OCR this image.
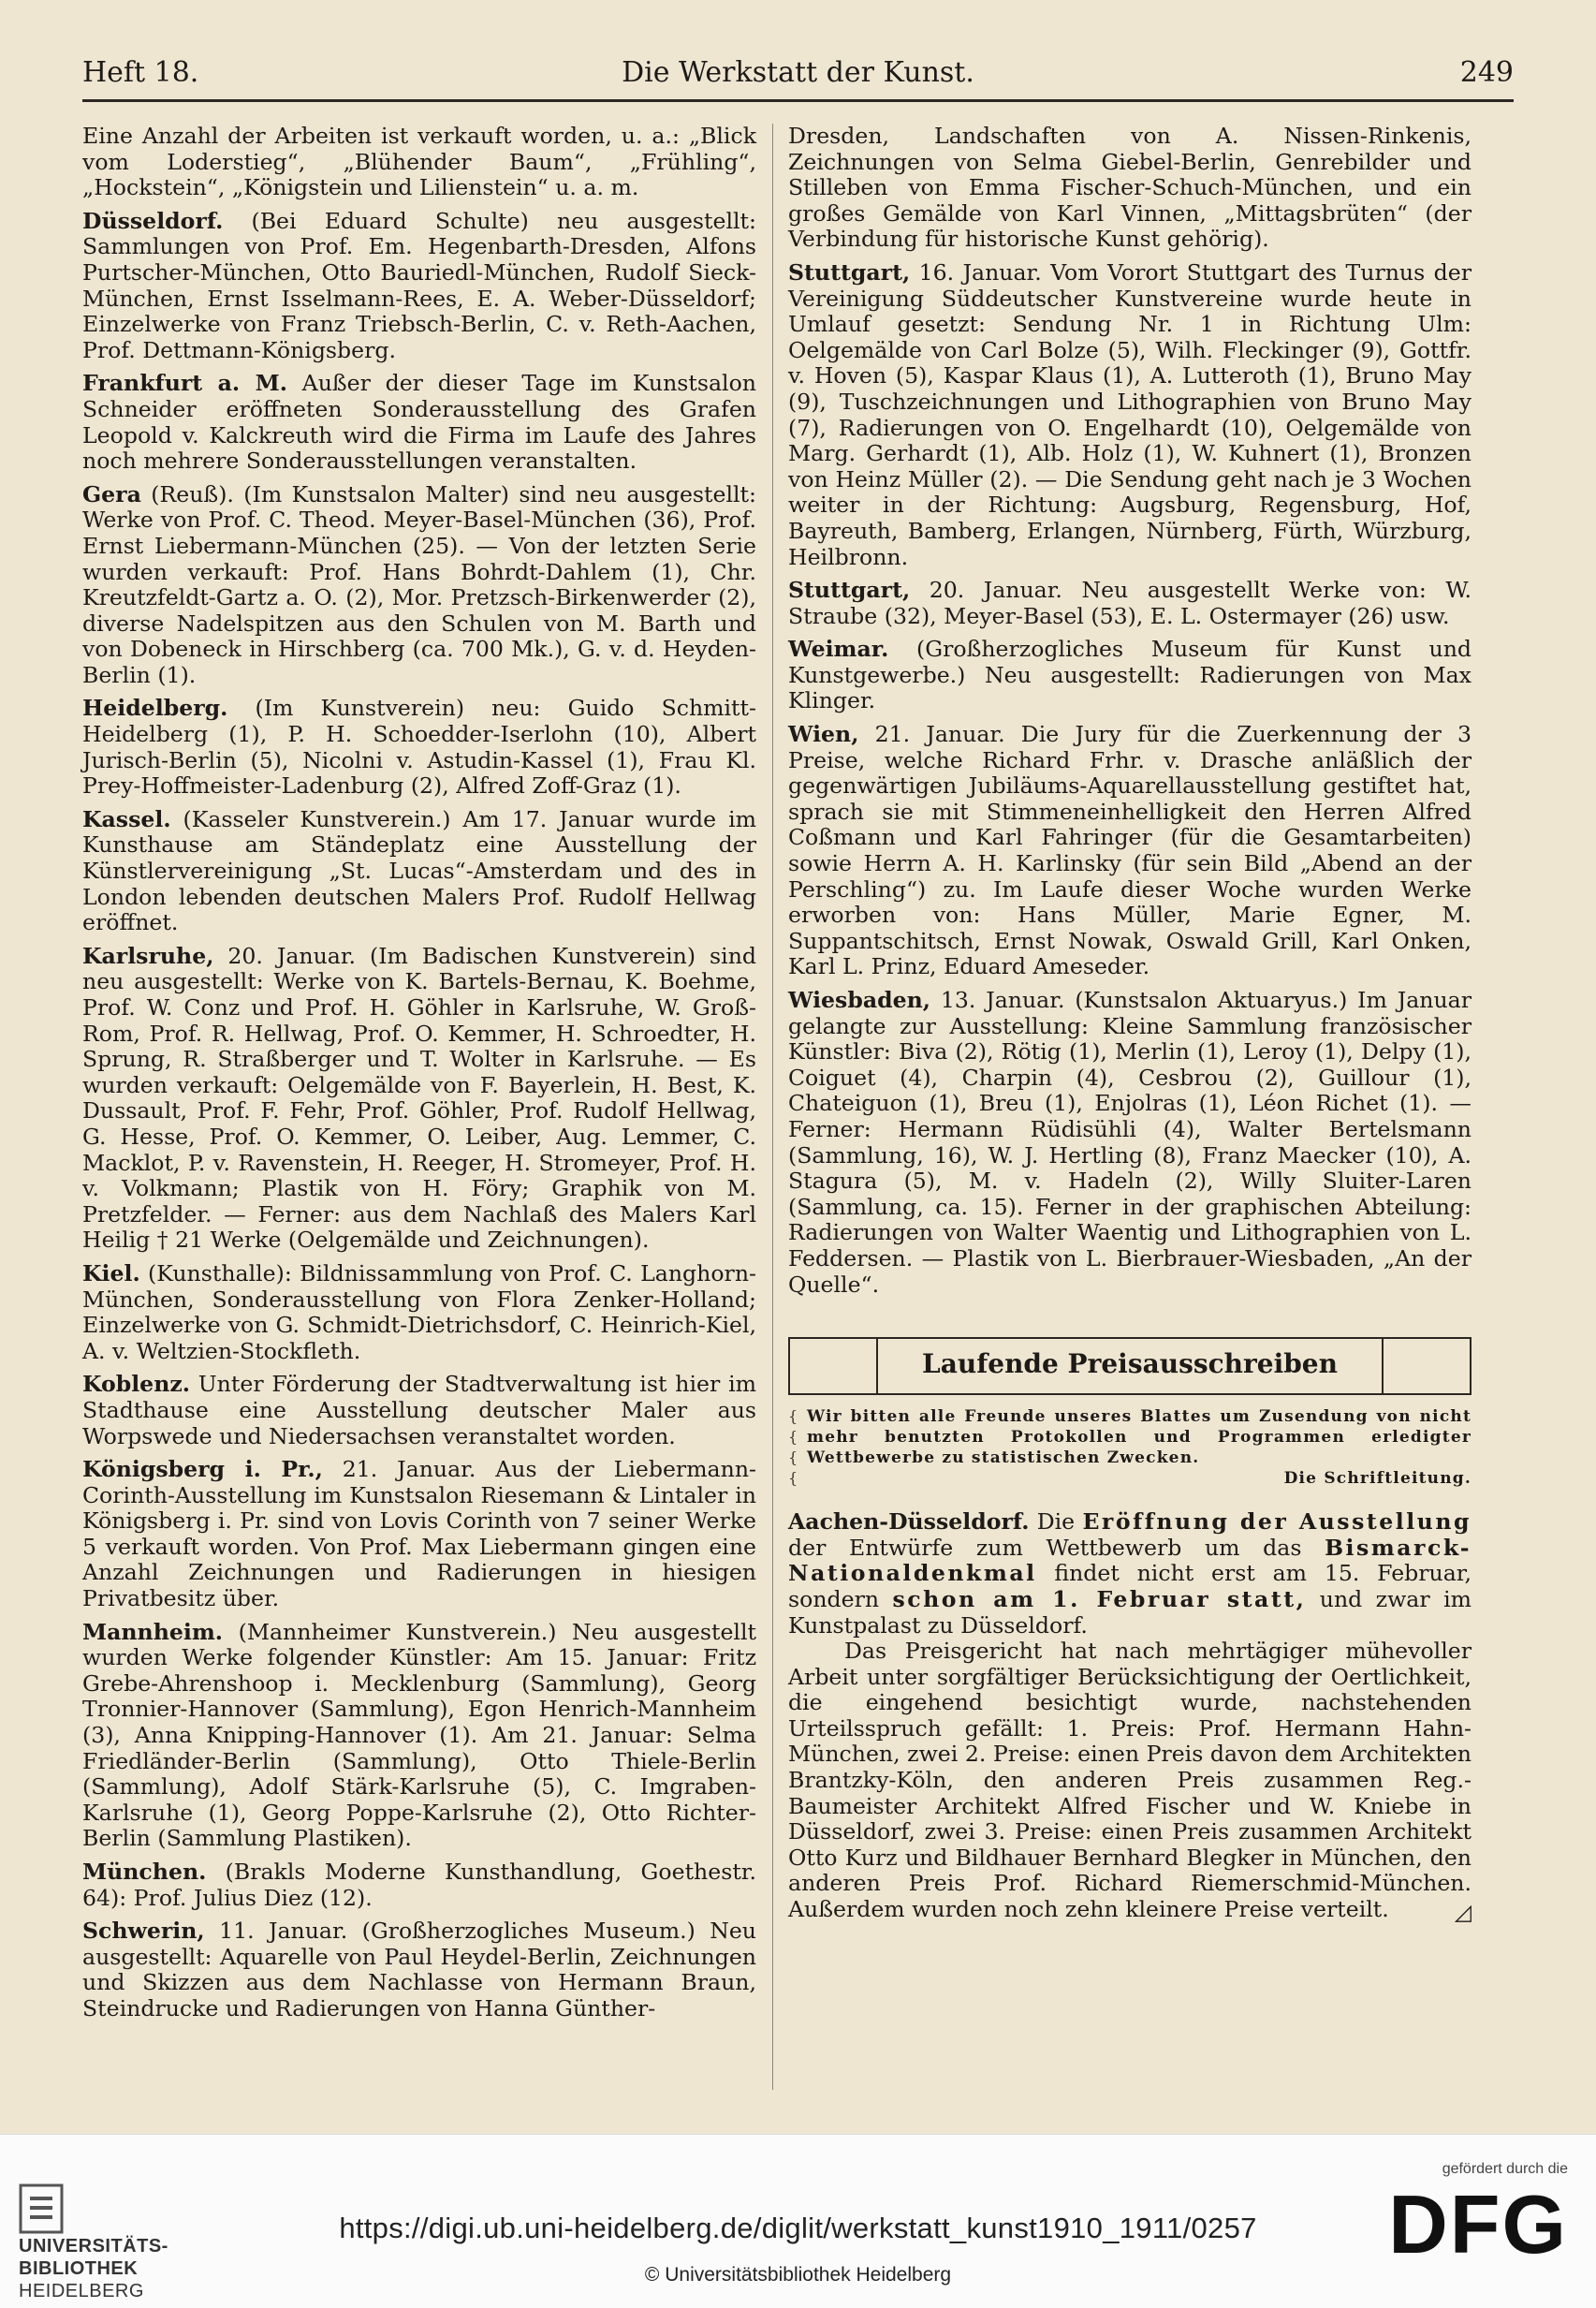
Heft 18.	Die Werkstatt der Kunst.	249

Eine Anzahl der Arbeiten ist verkauft worden, u. a.: „Blick vom Loderstieg“, „Blühender Baum“, „Frühling“, „Hockstein“, „Königstein und Lilienstein“ u. a. m.

Düsseldorf. (Bei Eduard Schulte) neu ausgestellt: Sammlungen von Prof. Em. Hegenbarth-Dresden, Alfons Purtscher-München, Otto Bauriedl-München, Rudolf Sieck-München, Ernst Isselmann-Rees, E. A. Weber-Düsseldorf; Einzelwerke von Franz Triebsch-Berlin, C. v. Reth-Aachen, Prof. Dettmann-Königsberg.

Frankfurt a. M. Außer der dieser Tage im Kunstsalon Schneider eröffneten Sonderausstellung des Grafen Leopold v. Kalckreuth wird die Firma im Laufe des Jahres noch mehrere Sonderausstellungen veranstalten.

Gera (Reuß). (Im Kunstsalon Malter) sind neu ausgestellt: Werke von Prof. C. Theod. Meyer-Basel-München (36), Prof. Ernst Liebermann-München (25). — Von der letzten Serie wurden verkauft: Prof. Hans Bohrdt-Dahlem (1), Chr. Kreutzfeldt-Gartz a. O. (2), Mor. Pretzsch-Birkenwerder (2), diverse Nadelspitzen aus den Schulen von M. Barth und von Dobeneck in Hirschberg (ca. 700 Mk.), G. v. d. Heyden-Berlin (1).

Heidelberg. (Im Kunstverein) neu: Guido Schmitt-Heidelberg (1), P. H. Schoedder-Iserlohn (10), Albert Jurisch-Berlin (5), Nicolni v. Astudin-Kassel (1), Frau Kl. Prey-Hoffmeister-Ladenburg (2), Alfred Zoff-Graz (1).

Kassel. (Kasseler Kunstverein.) Am 17. Januar wurde im Kunsthause am Ständeplatz eine Ausstellung der Künstlervereinigung „St. Lucas“-Amsterdam und des in London lebenden deutschen Malers Prof. Rudolf Hellwag eröffnet.

Karlsruhe, 20. Januar. (Im Badischen Kunstverein) sind neu ausgestellt: Werke von K. Bartels-Bernau, K. Boehme, Prof. W. Conz und Prof. H. Göhler in Karlsruhe, W. Groß-Rom, Prof. R. Hellwag, Prof. O. Kemmer, H. Schroedter, H. Sprung, R. Straßberger und T. Wolter in Karlsruhe. — Es wurden verkauft: Oelgemälde von F. Bayerlein, H. Best, K. Dussault, Prof. F. Fehr, Prof. Göhler, Prof. Rudolf Hellwag, G. Hesse, Prof. O. Kemmer, O. Leiber, Aug. Lemmer, C. Macklot, P. v. Ravenstein, H. Reeger, H. Stromeyer, Prof. H. v. Volkmann; Plastik von H. Föry; Graphik von M. Pretzfelder. — Ferner: aus dem Nachlaß des Malers Karl Heilig † 21 Werke (Oelgemälde und Zeichnungen).

Kiel. (Kunsthalle): Bildnissammlung von Prof. C. Langhorn-München, Sonderausstellung von Flora Zenker-Holland; Einzelwerke von G. Schmidt-Dietrichsdorf, C. Heinrich-Kiel, A. v. Weltzien-Stockfleth.

Koblenz. Unter Förderung der Stadtverwaltung ist hier im Stadthause eine Ausstellung deutscher Maler aus Worpswede und Niedersachsen veranstaltet worden.

Königsberg i. Pr., 21. Januar. Aus der Liebermann-Corinth-Ausstellung im Kunstsalon Riesemann & Lintaler in Königsberg i. Pr. sind von Lovis Corinth von 7 seiner Werke 5 verkauft worden. Von Prof. Max Liebermann gingen eine Anzahl Zeichnungen und Radierungen in hiesigen Privatbesitz über.

Mannheim. (Mannheimer Kunstverein.) Neu ausgestellt wurden Werke folgender Künstler: Am 15. Januar: Fritz Grebe-Ahrenshoop i. Mecklenburg (Sammlung), Georg Tronnier-Hannover (Sammlung), Egon Henrich-Mannheim (3), Anna Knipping-Hannover (1). Am 21. Januar: Selma Friedländer-Berlin (Sammlung), Otto Thiele-Berlin (Sammlung), Adolf Stärk-Karlsruhe (5), C. Imgraben-Karlsruhe (1), Georg Poppe-Karlsruhe (2), Otto Richter-Berlin (Sammlung Plastiken).

München. (Brakls Moderne Kunsthandlung, Goethestr. 64): Prof. Julius Diez (12).

Schwerin, 11. Januar. (Großherzogliches Museum.) Neu ausgestellt: Aquarelle von Paul Heydel-Berlin, Zeichnungen und Skizzen aus dem Nachlasse von Hermann Braun, Steindrucke und Radierungen von Hanna Günther-

Dresden, Landschaften von A. Nissen-Rinkenis, Zeichnungen von Selma Giebel-Berlin, Genrebilder und Stilleben von Emma Fischer-Schuch-München, und ein großes Gemälde von Karl Vinnen, „Mittagsbrüten“ (der Verbindung für historische Kunst gehörig).

Stuttgart, 16. Januar. Vom Vorort Stuttgart des Turnus der Vereinigung Süddeutscher Kunstvereine wurde heute in Umlauf gesetzt: Sendung Nr. 1 in Richtung Ulm: Oelgemälde von Carl Bolze (5), Wilh. Fleckinger (9), Gottfr. v. Hoven (5), Kaspar Klaus (1), A. Lutteroth (1), Bruno May (9), Tuschzeichnungen und Lithographien von Bruno May (7), Radierungen von O. Engelhardt (10), Oelgemälde von Marg. Gerhardt (1), Alb. Holz (1), W. Kuhnert (1), Bronzen von Heinz Müller (2). — Die Sendung geht nach je 3 Wochen weiter in der Richtung: Augsburg, Regensburg, Hof, Bayreuth, Bamberg, Erlangen, Nürnberg, Fürth, Würzburg, Heilbronn.

Stuttgart, 20. Januar. Neu ausgestellt Werke von: W. Straube (32), Meyer-Basel (53), E. L. Ostermayer (26) usw.

Weimar. (Großherzogliches Museum für Kunst und Kunstgewerbe.) Neu ausgestellt: Radierungen von Max Klinger.

Wien, 21. Januar. Die Jury für die Zuerkennung der 3 Preise, welche Richard Frhr. v. Drasche anläßlich der gegenwärtigen Jubiläums-Aquarellausstellung gestiftet hat, sprach sie mit Stimmeneinhelligkeit den Herren Alfred Coßmann und Karl Fahringer (für die Gesamtarbeiten) sowie Herrn A. H. Karlinsky (für sein Bild „Abend an der Perschling“) zu. Im Laufe dieser Woche wurden Werke erworben von: Hans Müller, Marie Egner, M. Suppantschitsch, Ernst Nowak, Oswald Grill, Karl Onken, Karl L. Prinz, Eduard Ameseder.

Wiesbaden, 13. Januar. (Kunstsalon Aktuaryus.) Im Januar gelangte zur Ausstellung: Kleine Sammlung französischer Künstler: Biva (2), Rötig (1), Merlin (1), Leroy (1), Delpy (1), Coiguet (4), Charpin (4), Cesbrou (2), Guillour (1), Chateiguon (1), Breu (1), Enjolras (1), Léon Richet (1). — Ferner: Hermann Rüdisühli (4), Walter Bertelsmann (Sammlung, 16), W. J. Hertling (8), Franz Maecker (10), A. Stagura (5), M. v. Hadeln (2), Willy Sluiter-Laren (Sammlung, ca. 15). Ferner in der graphischen Abteilung: Radierungen von Walter Waentig und Lithographien von L. Feddersen. — Plastik von L. Bierbrauer-Wiesbaden, „An der Quelle“.

Laufende Preisausschreiben
{
{
{
{
Wir bitten alle Freunde unseres Blattes um Zusendung von nicht mehr benutzten Protokollen und Programmen erledigter Wettbewerbe zu statistischen Zwecken.
Die Schriftleitung.

Aachen-Düsseldorf. Die Eröffnung der Ausstellung der Entwürfe zum Wettbewerb um das Bismarck-Nationaldenkmal findet nicht erst am 15. Februar, sondern schon am 1. Februar statt, und zwar im Kunstpalast zu Düsseldorf.

Das Preisgericht hat nach mehrtägiger mühevoller Arbeit unter sorgfältiger Berücksichtigung der Oertlichkeit, die eingehend besichtigt wurde, nachstehenden Urteilsspruch gefällt: 1. Preis: Prof. Hermann Hahn-München, zwei 2. Preise: einen Preis davon dem Architekten Brantzky-Köln, den anderen Preis zusammen Reg.-Baumeister Architekt Alfred Fischer und W. Kniebe in Düsseldorf, zwei 3. Preise: einen Preis zusammen Architekt Otto Kurz und Bildhauer Bernhard Blegker in München, den anderen Preis Prof. Richard Riemerschmid-München. Außerdem wurden noch zehn kleinere Preise verteilt.	◿
UNIVERSITÄTS-
BIBLIOTHEK
HEIDELBERG
https://digi.ub.uni-heidelberg.de/diglit/werkstatt_kunst1910_1911/0257
© Universitätsbibliothek Heidelberg
gefördert durch die
DFG
